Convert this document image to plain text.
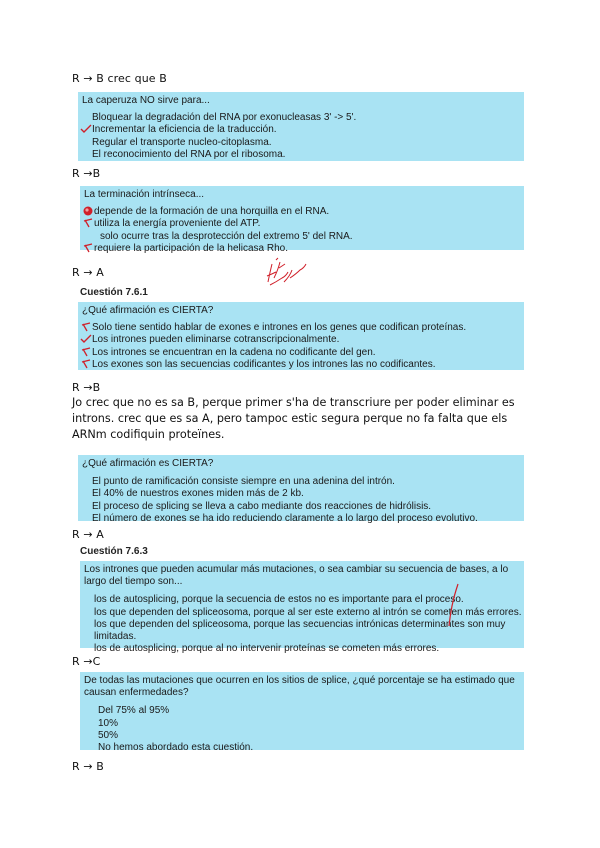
R → B crec que B
La caperuza NO sirve para...
Bloquear la degradación del RNA por exonucleasas 3' -> 5'.
Incrementar la eficiencia de la traducción.
Regular el transporte nucleo-citoplasma.
El reconocimiento del RNA por el ribosoma.
R →B
La terminación intrínseca...
depende de la formación de una horquilla en el RNA.
utiliza la energía proveniente del ATP.
solo ocurre tras la desprotección del extremo 5' del RNA.
requiere la participación de la helicasa Rho.
R → A
Cuestión 7.6.1
¿Qué afirmación es CIERTA?
Solo tiene sentido hablar de exones e intrones en los genes que codifican proteínas.
Los intrones pueden eliminarse cotranscripcionalmente.
Los intrones se encuentran en la cadena no codificante del gen.
Los exones son las secuencias codificantes y los intrones las no codificantes.
R →B
Jo crec que no es sa B, perque primer s'ha de transcriure per poder eliminar es introns. crec que es sa A, pero tampoc estic segura perque no fa falta que els ARNm codifiquin proteïnes.
¿Qué afirmación es CIERTA?
El punto de ramificación consiste siempre en una adenina del intrón.
El 40% de nuestros exones miden más de 2 kb.
El proceso de splicing se lleva a cabo mediante dos reacciones de hidrólisis.
El número de exones se ha ido reduciendo claramente a lo largo del proceso evolutivo.
R → A
Cuestión 7.6.3
Los intrones que pueden acumular más mutaciones, o sea cambiar su secuencia de bases, a lo largo del tiempo son...
los de autosplicing, porque la secuencia de estos no es importante para el proceso.
los que dependen del spliceosoma, porque al ser este externo al intrón se cometen más errores.
los que dependen del spliceosoma, porque las secuencias intrónicas determinantes son muy limitadas.
los de autosplicing, porque al no intervenir proteínas se cometen más errores.
R →C
De todas las mutaciones que ocurren en los sitios de splice, ¿qué porcentaje se ha estimado que causan enfermedades?
Del 75% al 95%
10%
50%
No hemos abordado esta cuestión.
R → B
